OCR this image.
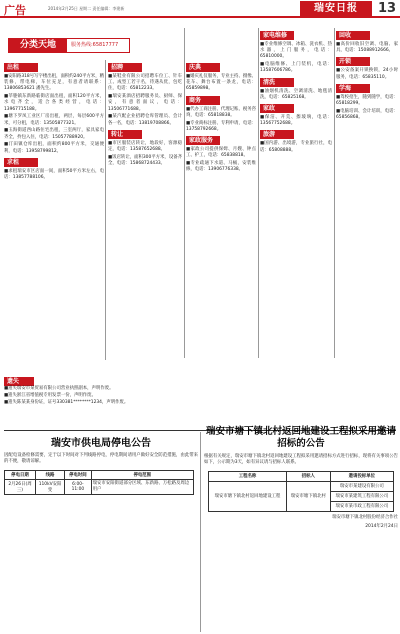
广告	2014年2月25日 星期二 责任编辑：李建新	瑞安日报	13
分类天地	服务热线:65817777
出租
■安阳路318号写字楼出租，面积约240平方米，精装修，带电梯，车位充足，有意者请联系：13806853621 潘先生。
■莘塍镇东新路临街店面出租，面积120平方米，水电齐全，适合各类经营，电话：13967715188。
■塘下罗凤工业区厂房出租，两层，每层600平方米，可分租，电话：13505877321。
■玉海街道西山路住宅出租，三室两厅，家具家电齐全，拎包入住，电话：15057788920。
■汀田镇仓库出租，面积约800平方米，交通便利，电话：13958799812。
求租
■求租瑞安市区店面一间，面积50平方米左右，电话：13857788106。
招聘
■某鞋业有限公司招聘车位工、针车工、成型工若干名，待遇从优，包吃住，电话：65812233。
■瑞安某酒店招聘服务员、厨师、保安，有意者面议，电话：13506771688。
■某汽配企业招聘仓库管理员、会计各一名，电话：13819708866。
转让
■市区服装店转让，地段好，客源稳定，电话：13587652688。
■饭店转让，面积300平方米，设备齐全，电话：15868724433。
庆典
■婚庆礼仪服务，专业主持、摄像、花车、舞台布置一条龙，电话：65859898。
商务
■代办工商注册、代理记账、税务咨询，电话：65818838。
■专业商标注册、专利申请，电话：13758792668。
家政服务
■家政公司提供保姆、月嫂、钟点工、护工，电话：65838818。
■专业疏通下水道、马桶，安装维修，电话：13906776338。
家电维修
■专业维修空调、冰箱、洗衣机、热水器，上门服务，电话：65810000。
■电脑维修、上门装机，电话：13587606786。
清洗
■油烟机清洗、空调清洗、地毯清洗，电话：65825168。
家政
■保洁、开荒、擦玻璃，电话：13567752688。
旅游
■国内游、出境游，专业旅行社，电话：65808888。
回收
■高价回收旧空调、电脑、家具，电话：15088912666。
开锁
■公安备案开锁换锁，24小时服务，电话：65835110。
学海
■驾校招生，随到随学，电话：65818299。
■电脑培训、会计培训，电话：65856868。
遗失
■遗失瑞安市某贸易有限公司营业执照副本，声明作废。
■遗失浙江省增值税专用发票一份，声明作废。
■遗失陈某某身份证，证号330381********1234，声明作废。
瑞安市供电局停电公告
因配电设备检修需要，定于以下时间对下列线路停电，停电期间请用户做好安全防范措施，由此带来的不便，敬请谅解。
停电日期	线路	停电时间	停电范围
2月26日(周三)	110kV安阳变	6:00-11:00	瑞安市安阳街道部分区域、东新路、万松路及周边用户
瑞安市塘下镇北村返回地建设工程拟采用邀请招标的公告
根据有关规定，瑞安市塘下镇北村返回地建设工程拟采用邀请招标方式进行招标，现将有关事项公告如下，公示期为3天，如有异议请与招标人联系。
工程名称	招标人	邀请投标单位
瑞安市塘下镇北村返回地建设工程	瑞安市塘下镇北村	瑞安市某建设有限公司
		瑞安市某建筑工程有限公司
		瑞安市某市政工程有限公司
瑞安市塘下镇北村股份经济合作社
2014年2月24日
